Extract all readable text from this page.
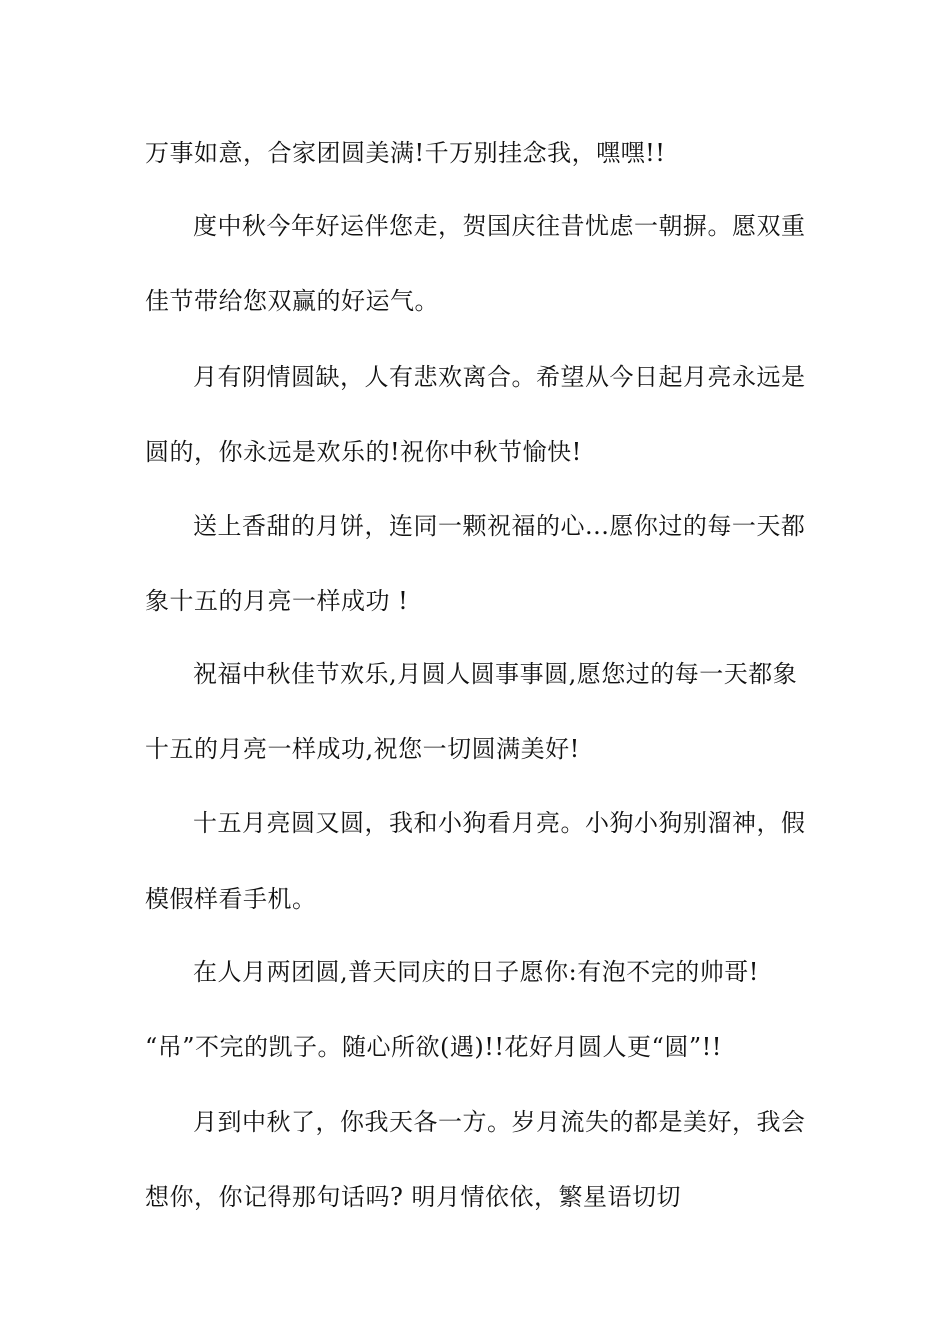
万事如意，合家团圆美满!千万别挂念我，嘿嘿!!
度中秋今年好运伴您走，贺国庆往昔忧虑一朝摒。愿双重
佳节带给您双赢的好运气。
月有阴情圆缺，人有悲欢离合。希望从今日起月亮永远是
圆的，你永远是欢乐的!祝你中秋节愉快!
送上香甜的月饼，连同一颗祝福的心...愿你过的每一天都
象十五的月亮一样成功 !
祝福中秋佳节欢乐,月圆人圆事事圆,愿您过的每一天都象
十五的月亮一样成功,祝您一切圆满美好!
十五月亮圆又圆，我和小狗看月亮。小狗小狗别溜神，假
模假样看手机。
在人月两团圆,普天同庆的日子愿你:有泡不完的帅哥!
“吊”不完的凯子。随心所欲(遇)!!花好月圆人更“圆”!!
月到中秋了，你我天各一方。岁月流失的都是美好，我会
想你，你记得那句话吗? 明月情依依，繁星语切切
